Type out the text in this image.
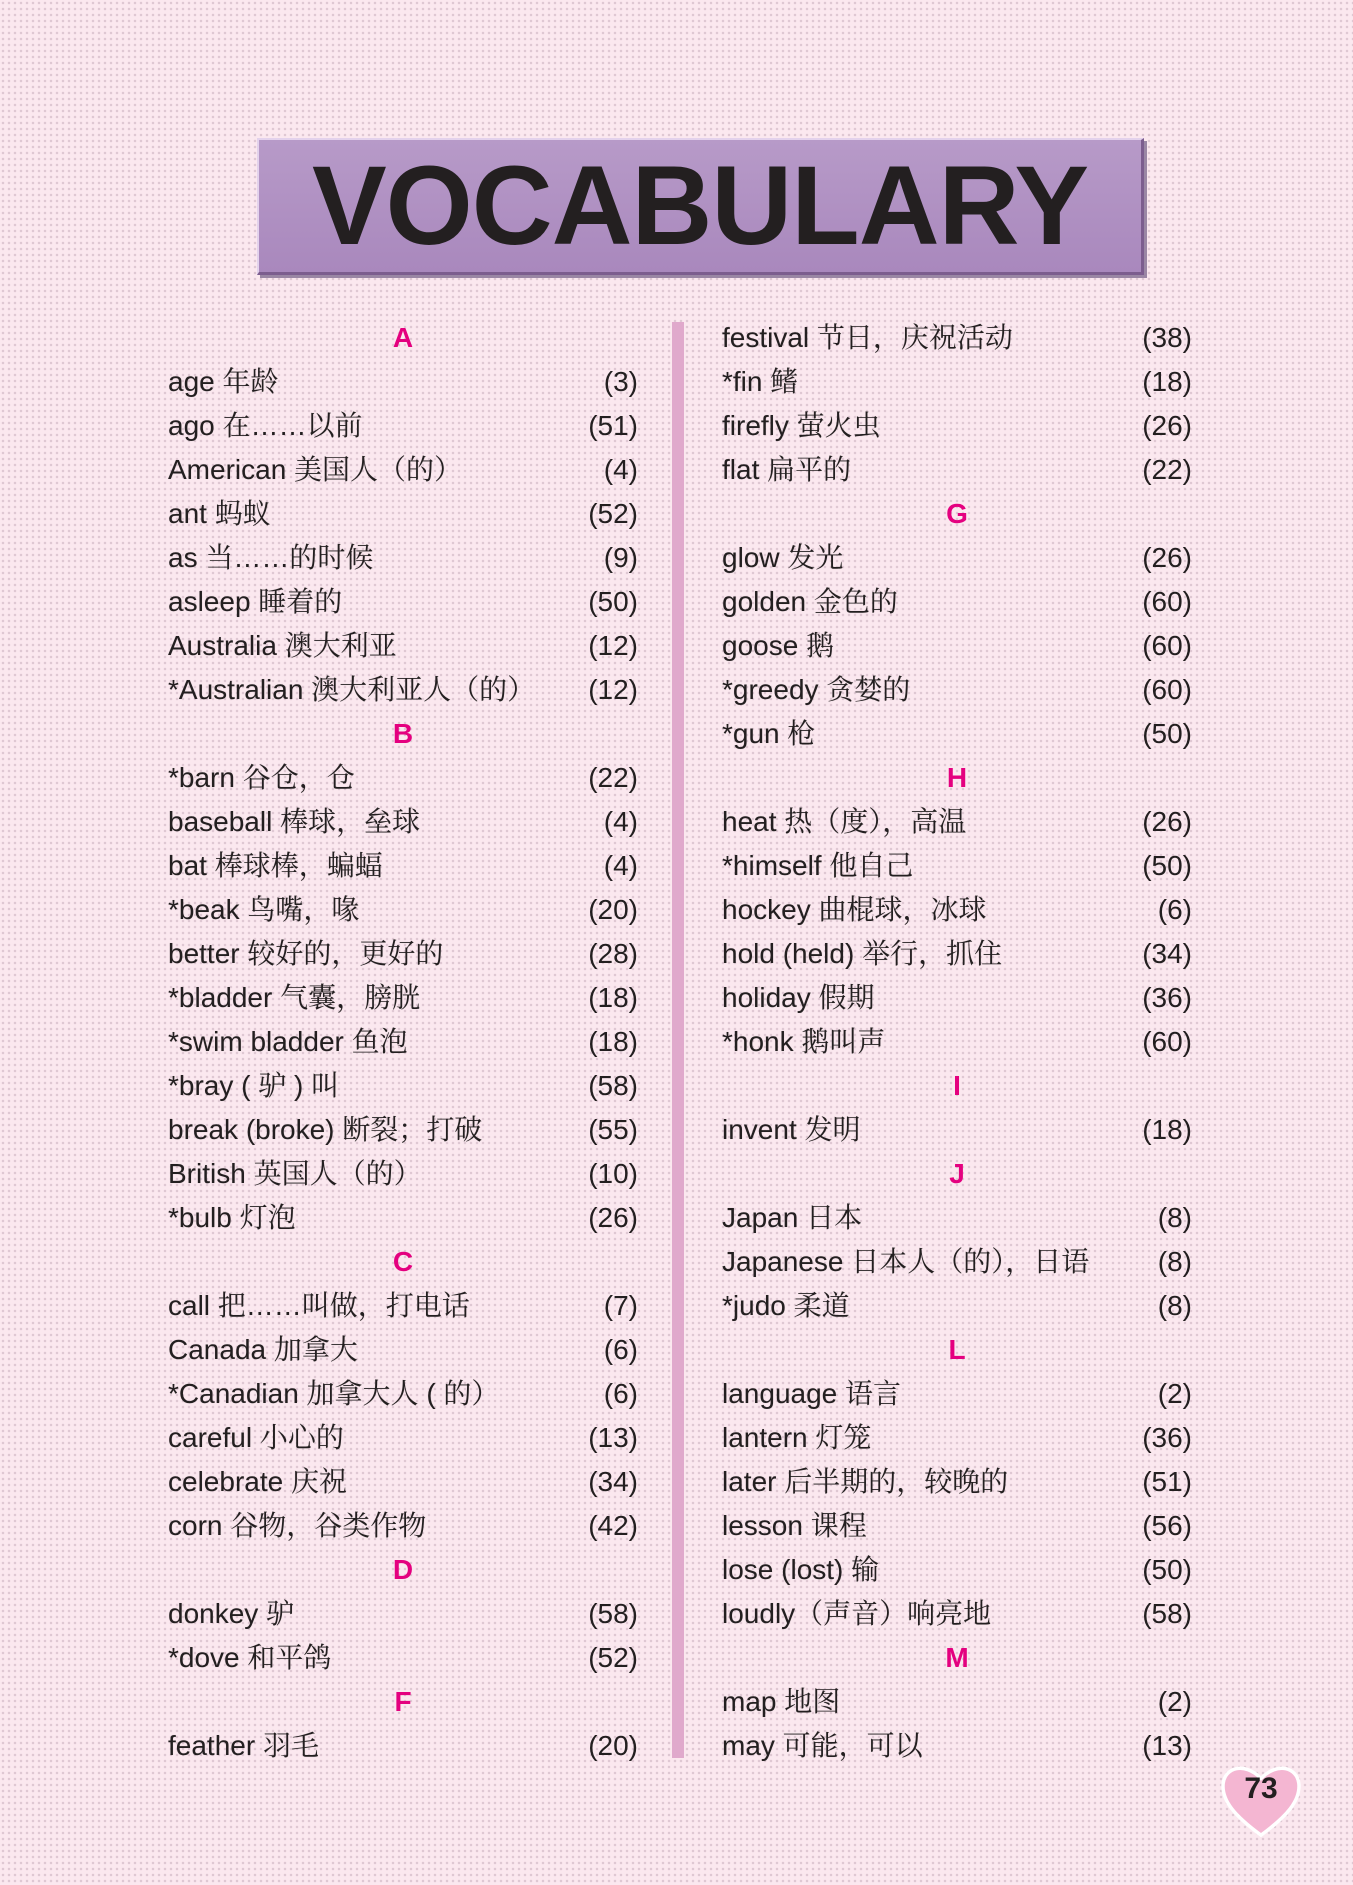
VOCABULARY
A
age 年龄	(3)
ago 在……以前	(51)
American 美国人（的）	(4)
ant 蚂蚁	(52)
as 当……的时候	(9)
asleep 睡着的	(50)
Australia 澳大利亚	(12)
*Australian 澳大利亚人（的） (12)
B
*barn 谷仓，仓	(22)
baseball 棒球，垒球	(4)
bat 棒球棒，蝙蝠	(4)
*beak 鸟嘴，喙	(20)
better 较好的，更好的	(28)
*bladder 气囊，膀胱	(18)
*swim bladder 鱼泡	(18)
*bray ( 驴 ) 叫	(58)
break (broke) 断裂；打破	(55)
British 英国人（的）	(10)
*bulb 灯泡	(26)
C
call 把……叫做，打电话	(7)
Canada 加拿大	(6)
*Canadian 加拿大人 ( 的）	(6)
careful 小心的	(13)
celebrate 庆祝	(34)
corn 谷物，谷类作物	(42)
D
donkey 驴	(58)
*dove 和平鸽	(52)
F
feather 羽毛	(20)
festival 节日，庆祝活动	(38)
*fin 鳍	(18)
firefly 萤火虫	(26)
flat 扁平的	(22)
G
glow 发光	(26)
golden 金色的	(60)
goose 鹅	(60)
*greedy 贪婪的	(60)
*gun 枪	(50)
H
heat 热（度），高温	(26)
*himself 他自己	(50)
hockey 曲棍球，冰球	(6)
hold (held) 举行，抓住	(34)
holiday 假期	(36)
*honk 鹅叫声	(60)
I
invent 发明	(18)
J
Japan 日本	(8)
Japanese 日本人（的），日语 (8)
*judo 柔道	(8)
L
language 语言	(2)
lantern 灯笼	(36)
later 后半期的，较晚的	(51)
lesson 课程	(56)
lose (lost) 输	(50)
loudly（声音）响亮地	(58)
M
map 地图	(2)
may 可能，可以	(13)
73
